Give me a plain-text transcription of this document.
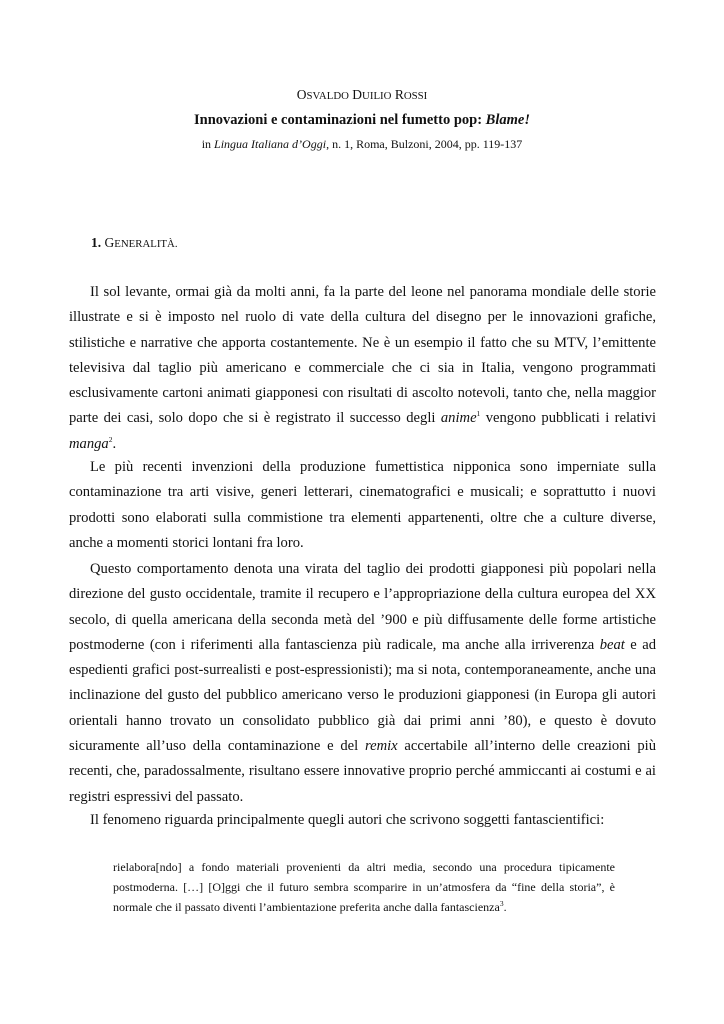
OSVALDO DUILIO ROSSI
Innovazioni e contaminazioni nel fumetto pop: Blame!
in Lingua Italiana d’Oggi, n. 1, Roma, Bulzoni, 2004, pp. 119-137
1. GENERALITÀ.

Il sol levante, ormai già da molti anni, fa la parte del leone nel panorama mondiale delle storie illustrate e si è imposto nel ruolo di vate della cultura del disegno per le innovazioni grafiche, stilistiche e narrative che apporta costantemente. Ne è un esempio il fatto che su MTV, l’emittente televisiva dal taglio più americano e commerciale che ci sia in Italia, vengono programmati esclusivamente cartoni animati giapponesi con risultati di ascolto notevoli, tanto che, nella maggior parte dei casi, solo dopo che si è registrato il successo degli anime$^1$ vengono pubblicati i relativi manga$^2$.

Le più recenti invenzioni della produzione fumettistica nipponica sono imperniate sulla contaminazione tra arti visive, generi letterari, cinematografici e musicali; e soprattutto i nuovi prodotti sono elaborati sulla commistione tra elementi appartenenti, oltre che a culture diverse, anche a momenti storici lontani fra loro.

Questo comportamento denota una virata del taglio dei prodotti giapponesi più popolari nella direzione del gusto occidentale, tramite il recupero e l’appropriazione della cultura europea del XX secolo, di quella americana della seconda metà del ’900 e più diffusamente delle forme artistiche postmoderne (con i riferimenti alla fantascienza più radicale, ma anche alla irriverenza beat e ad espedienti grafici post-surrealisti e post-espressionisti); ma si nota, contemporaneamente, anche una inclinazione del gusto del pubblico americano verso le produzioni giapponesi (in Europa gli autori orientali hanno trovato un consolidato pubblico già dai primi anni ’80), e questo è dovuto sicuramente all’uso della contaminazione e del remix accertabile all’interno delle creazioni più recenti, che, paradossalmente, risultano essere innovative proprio perché ammiccanti ai costumi e ai registri espressivi del passato.

Il fenomeno riguarda principalmente quegli autori che scrivono soggetti fantascientifici:

rielabora[ndo] a fondo materiali provenienti da altri media, secondo una procedura tipicamente postmoderna. […] [O]ggi che il futuro sembra scomparire in un’atmosfera da “fine della storia”, è normale che il passato diventi l’ambientazione preferita anche dalla fantascienza$^3$.
